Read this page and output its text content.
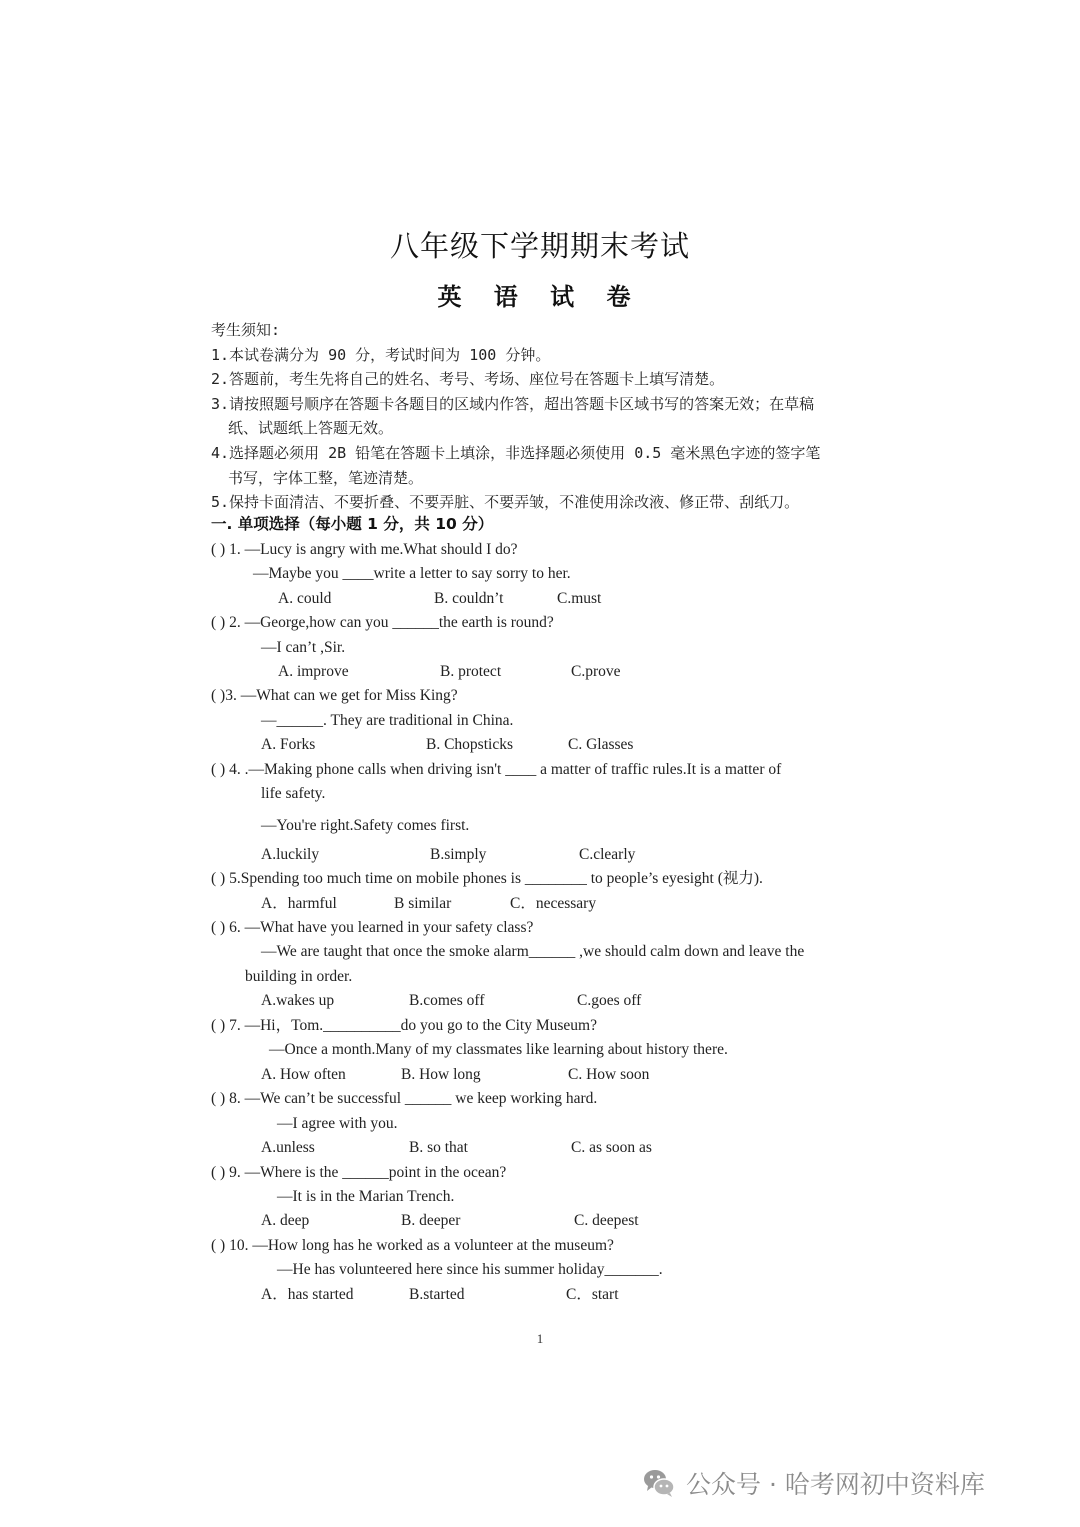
八年级下学期期末考试
英 语 试 卷
考生须知:
1.本试卷满分为 90 分，考试时间为 100 分钟。
2.答题前，考生先将自己的姓名、考号、考场、座位号在答题卡上填写清楚。
3.请按照题号顺序在答题卡各题目的区域内作答，超出答题卡区域书写的答案无效；在草稿
纸、试题纸上答题无效。
4.选择题必须用 2B 铅笔在答题卡上填涂，非选择题必须使用 0.5 毫米黑色字迹的签字笔
书写，字体工整，笔迹清楚。
5.保持卡面清洁、不要折叠、不要弄脏、不要弄皱，不准使用涂改液、修正带、刮纸刀。
一. 单项选择（每小题 1 分，共 10 分）
( ) 1. —Lucy is angry with me.What should I do?
—Maybe you ____write a letter to say sorry to her.
A. could	B. couldn’t	C.must
( ) 2. —George,how can you ______the earth is round?
—I can’t ,Sir.
A. improve	B. protect	C.prove
( )3. —What can we get for Miss King?
—______. They are traditional in China.
A. Forks	B. Chopsticks	C. Glasses
( ) 4. .—Making phone calls when driving isn't ____ a matter of traffic rules.It is a matter of
life safety.
—You're right.Safety comes first.
A.luckily	B.simply	C.clearly
( ) 5.Spending too much time on mobile phones is ________ to people’s eyesight (视力).
A．harmful	B similar	C．necessary
( ) 6. —What have you learned in your safety class?
—We are taught that once the smoke alarm______ ,we should calm down and leave the
building in order.
A.wakes up	B.comes off	C.goes off
( ) 7. —Hi，Tom.__________do you go to the City Museum?
—Once a month.Many of my classmates like learning about history there.
A. How often	B. How long	C. How soon
( ) 8. —We can’t be successful ______ we keep working hard.
—I agree with you.
A.unless	B. so that	C. as soon as
( ) 9. —Where is the ______point in the ocean?
—It is in the Marian Trench.
A. deep	B. deeper	C. deepest
( ) 10. —How long has he worked as a volunteer at the museum?
—He has volunteered here since his summer holiday_______.
A．has started	B.started	C．start
1
公众号 · 哈考网初中资料库
